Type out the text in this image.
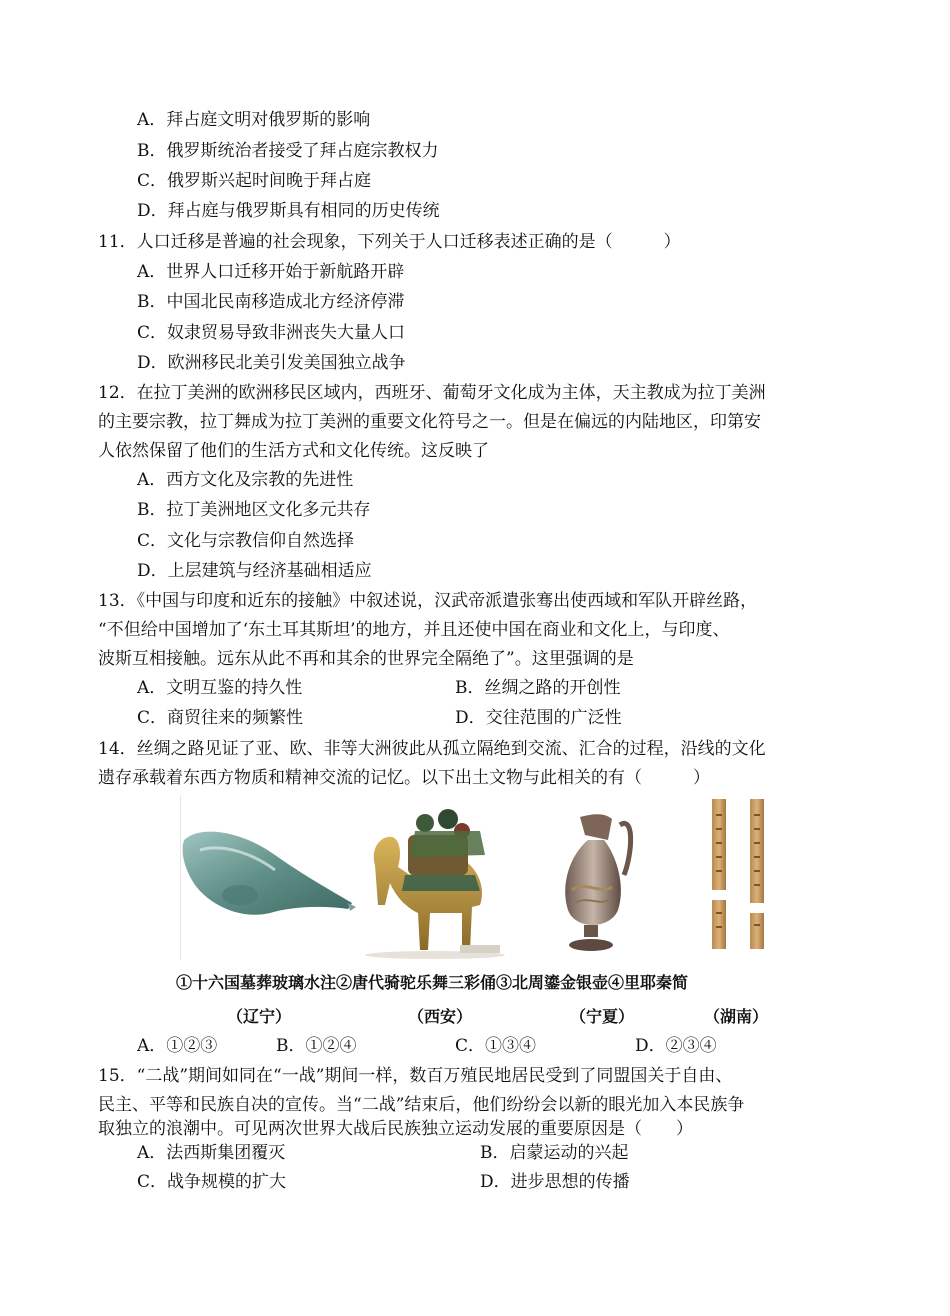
A．拜占庭文明对俄罗斯的影响
B．俄罗斯统治者接受了拜占庭宗教权力
C．俄罗斯兴起时间晚于拜占庭
D．拜占庭与俄罗斯具有相同的历史传统
11．人口迁移是普遍的社会现象，下列关于人口迁移表述正确的是（　　　）
A．世界人口迁移开始于新航路开辟
B．中国北民南移造成北方经济停滞
C．奴隶贸易导致非洲丧失大量人口
D．欧洲移民北美引发美国独立战争
12．在拉丁美洲的欧洲移民区域内，西班牙、葡萄牙文化成为主体，天主教成为拉丁美洲
的主要宗教，拉丁舞成为拉丁美洲的重要文化符号之一。但是在偏远的内陆地区，印第安
人依然保留了他们的生活方式和文化传统。这反映了
A．西方文化及宗教的先进性
B．拉丁美洲地区文化多元共存
C．文化与宗教信仰自然选择
D．上层建筑与经济基础相适应
13．《中国与印度和近东的接触》中叙述说，汉武帝派遣张骞出使西域和军队开辟丝路，
“不但给中国增加了‘东土耳其斯坦’的地方，并且还使中国在商业和文化上，与印度、
波斯互相接触。远东从此不再和其余的世界完全隔绝了”。这里强调的是
A．文明互鉴的持久性	B．丝绸之路的开创性
C．商贸往来的频繁性	D．交往范围的广泛性
14．丝绸之路见证了亚、欧、非等大洲彼此从孤立隔绝到交流、汇合的过程，沿线的文化
遗存承载着东西方物质和精神交流的记忆。以下出土文物与此相关的有（　　　）
①十六国墓葬玻璃水注②唐代骑驼乐舞三彩俑③北周鎏金银壶④里耶秦简
（辽宁）	（西安）	（宁夏）	（湖南）
A．①②③	B．①②④	C．①③④	D．②③④
15．“二战”期间如同在“一战”期间一样，数百万殖民地居民受到了同盟国关于自由、
民主、平等和民族自决的宣传。当“二战”结束后，他们纷纷会以新的眼光加入本民族争
取独立的浪潮中。可见两次世界大战后民族独立运动发展的重要原因是（　　）
A．法西斯集团覆灭	B．启蒙运动的兴起
C．战争规模的扩大	D．进步思想的传播
